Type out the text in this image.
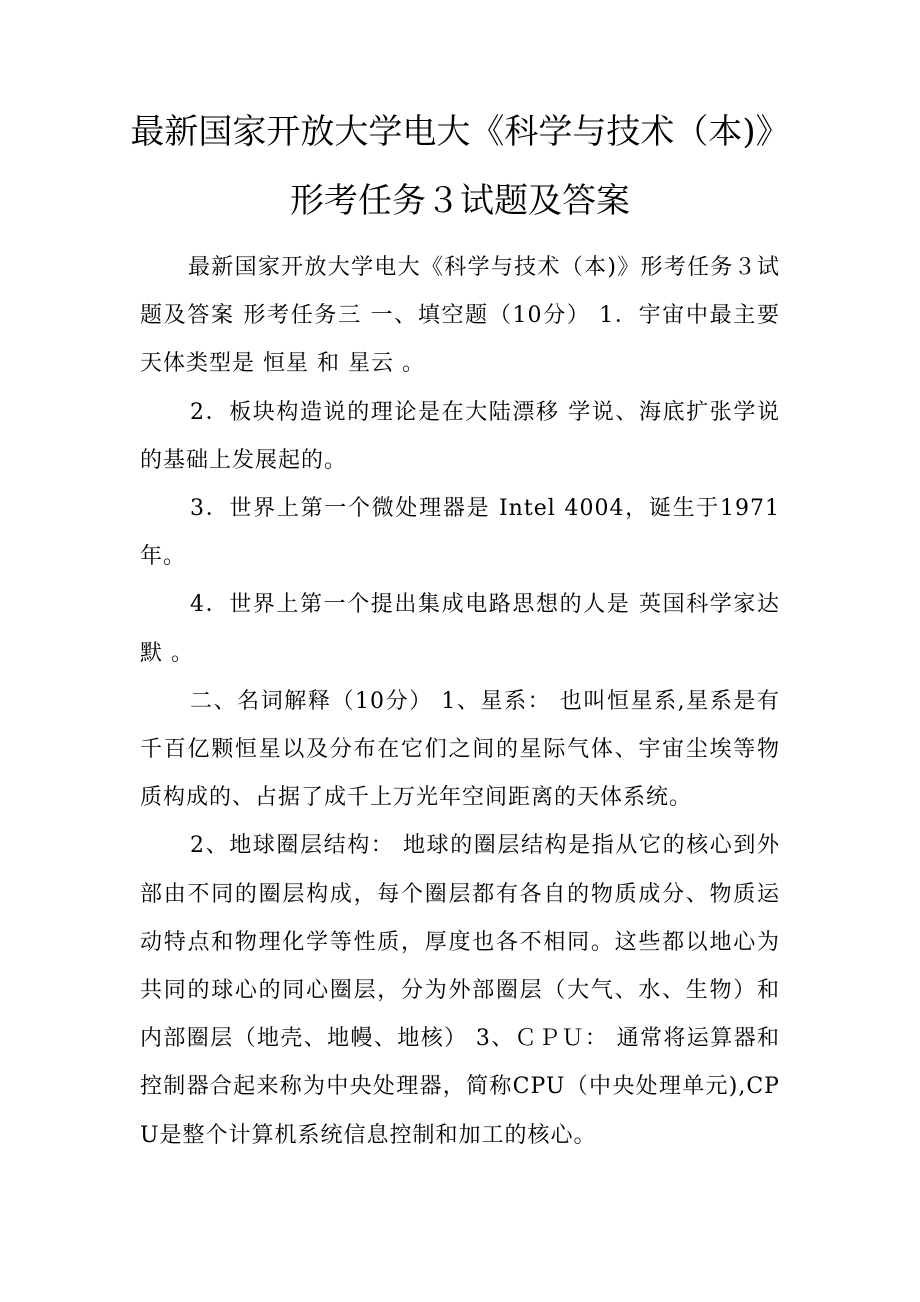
最新国家开放大学电大《科学与技术（本)》
形考任务３试题及答案

最新国家开放大学电大《科学与技术（本)》形考任务３试题及答案 形考任务三 一、填空题（10分） 1．宇宙中最主要天体类型是 恒星 和 星云 。

2．板块构造说的理论是在大陆漂移 学说、海底扩张学说的基础上发展起的。

3．世界上第一个微处理器是 Intel 4004，诞生于1971年。

4．世界上第一个提出集成电路思想的人是 英国科学家达默 。

二、名词解释（10分） 1、星系： 也叫恒星系,星系是有千百亿颗恒星以及分布在它们之间的星际气体、宇宙尘埃等物质构成的、占据了成千上万光年空间距离的天体系统。

2、地球圈层结构： 地球的圈层结构是指从它的核心到外部由不同的圈层构成，每个圈层都有各自的物质成分、物质运动特点和物理化学等性质，厚度也各不相同。这些都以地心为共同的球心的同心圈层，分为外部圈层（大气、水、生物）和内部圈层（地壳、地幔、地核） 3、ＣＰＵ： 通常将运算器和控制器合起来称为中央处理器，简称CPU（中央处理单元),CPU是整个计算机系统信息控制和加工的核心。
